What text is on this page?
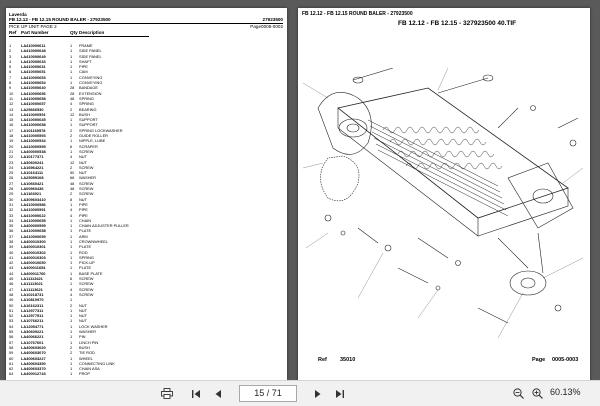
Laverda
FB 12.12 - FB 12.15 ROUND BALER - 27923500	27923500
PICK UP UNIT PAGE 2	Page0005-0002
Ref Part Number	Qty Description
1	LA410000611	1 FRAME
2	LA410000648	1 SIDE PANEL
3	LA410000649	1 SIDE PANEL
4	LA410000633	1 SHAFT
5	LA410000631	1 PIPE
6	LA410000651	1 CAM
7	LA410000653	1 CONVEYING
8	LA410000654	1 CONVEYING
9	LA410000640	28 BANDAGE
10	LA410000656	28 EXTENSION
11	LA410000658	48 SPRING
12	LA410000657	4 SPRING
13	LA25666530	2 BEARING
14	LA410000591	12 BUSH
15	LA410000645	1 SUPPORT
16	LA410000658	1 SUPPORT
17	LA101169578	2 SPRING LOCKWASHER
18	LA410000593	2 GUIDE ROLLER
19	LA410000534	1 NIPPLE, LUBE
20	LA410000595	6 SCRAPER
21	LA400000538	1 SCREW
22	LA10177371	4 NUT
23	LA30600241	12 NUT
24	LA16964221	2 SCREW
25	LA10164111	50 NUT
26	LA25059108	68 WASHER
27	LA10660421	48 SCREW
28	LA00960436	48 SCREW
29	LA1166921	2 SCREW
30	LA309603410	8 NUT
31	LA410000586	1 PIPE
32	LA410000591	4 PIPE
33	LA410000622	4 PIPE
34	LA410000655	1 CHAIN
35	LA400000595	1 CHAIN ADJUSTER PULLER
36	LA410000658	1 PLATE
37	LA410000659	1 ARM
38	LA400010300	1 CROWNWHEEL
39	LA400010301	1 PLATE
40	LA400010302	1 ROD
41	LA400010303	1 SPRING
42	LA400010650	1 PICK-UP
43	LA400011654	1 PLATE
44	LA400011760	1 BASE PLATE
45	LA11113421	6 SCREW
46	LA11113021	1 SCREW
47	LA11113621	4 SCREW
48	LA10218731	4 SCREW
49	LA10810970	1
50	LA16162311	2 NUT
51	LA12977311	1 NUT
52	LA12977511	1 NUT
53	LA10766211	1 NUT
54	LA12054771	1 LOCK WASHER
55	LA30609221	1 WASHER
56	LA40066221	1 PIN
57	LA10767601	1 LINCH PIN
58	LA400603020	2 BUSH
59	LA400603070	2 TIE ROD
60	LA400603227	1 WHEEL
61	LA400603350	1 CONNECTING LINK
62	LA400603370	1 CHAIN ASA
64	LA400012743	1 PROP
FB 12.12 - FB 12.15 ROUND BALER - 27923500
FB 12.12 - FB 12.15 - 327923500 40.TIF
Ref 35010	Page 0005-0003
15 / 71	60.13%
